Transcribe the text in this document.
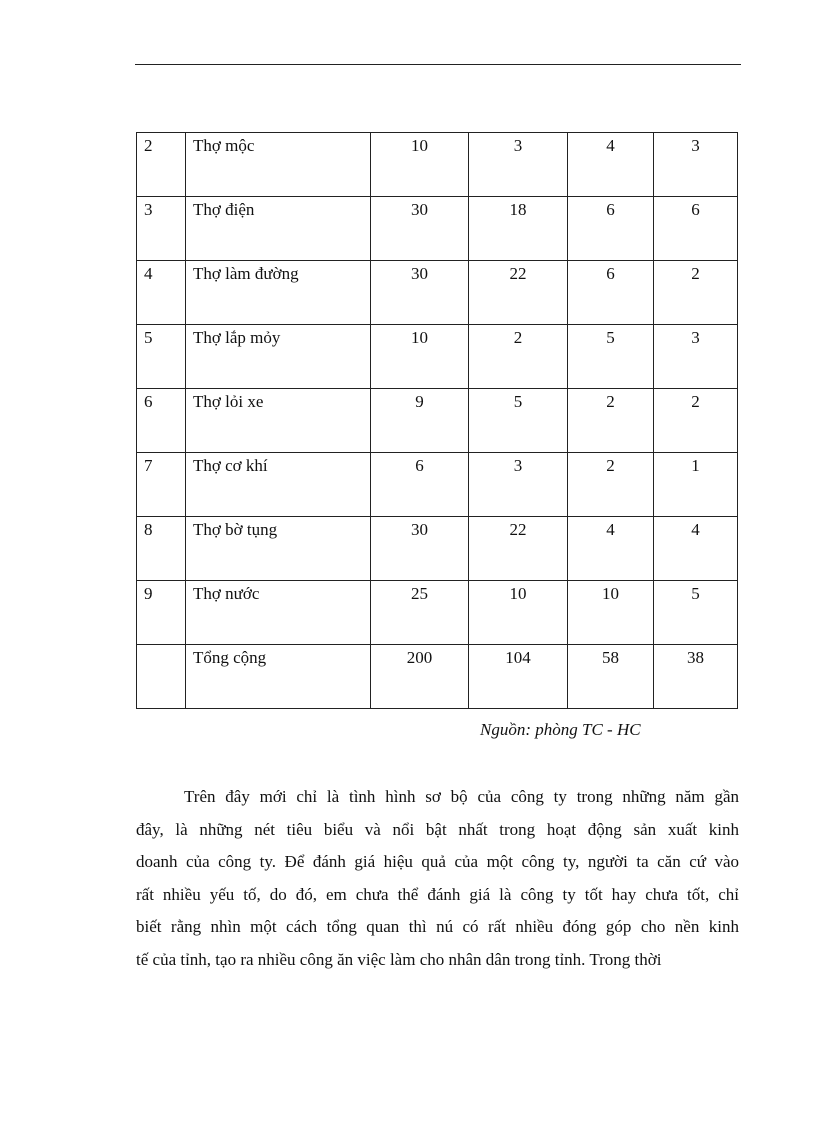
2	Thợ mộc	10	3	4	3
3	Thợ điện	30	18	6	6
4	Thợ làm đường	30	22	6	2
5	Thợ lắp mỏy	10	2	5	3
6	Thợ lỏi xe	9	5	2	2
7	Thợ cơ khí	6	3	2	1
8	Thợ bờ tụng	30	22	4	4
9	Thợ nước	25	10	10	5
	Tổng cộng	200	104	58	38
Nguồn: phòng TC - HC

Trên đây mới chỉ là tình hình sơ bộ của công ty trong những năm gần
đây, là những nét tiêu biểu và nổi bật nhất trong hoạt động sản xuất kinh
doanh của công ty. Để đánh giá hiệu quả của một công ty, người ta căn cứ vào
rất nhiều yếu tố, do đó, em chưa thể đánh giá là công ty tốt hay chưa tốt, chỉ
biết rằng nhìn một cách tổng quan thì nú có rất nhiều đóng góp cho nền kinh
tế của tỉnh, tạo ra nhiều công ăn việc làm cho nhân dân trong tỉnh. Trong thời
